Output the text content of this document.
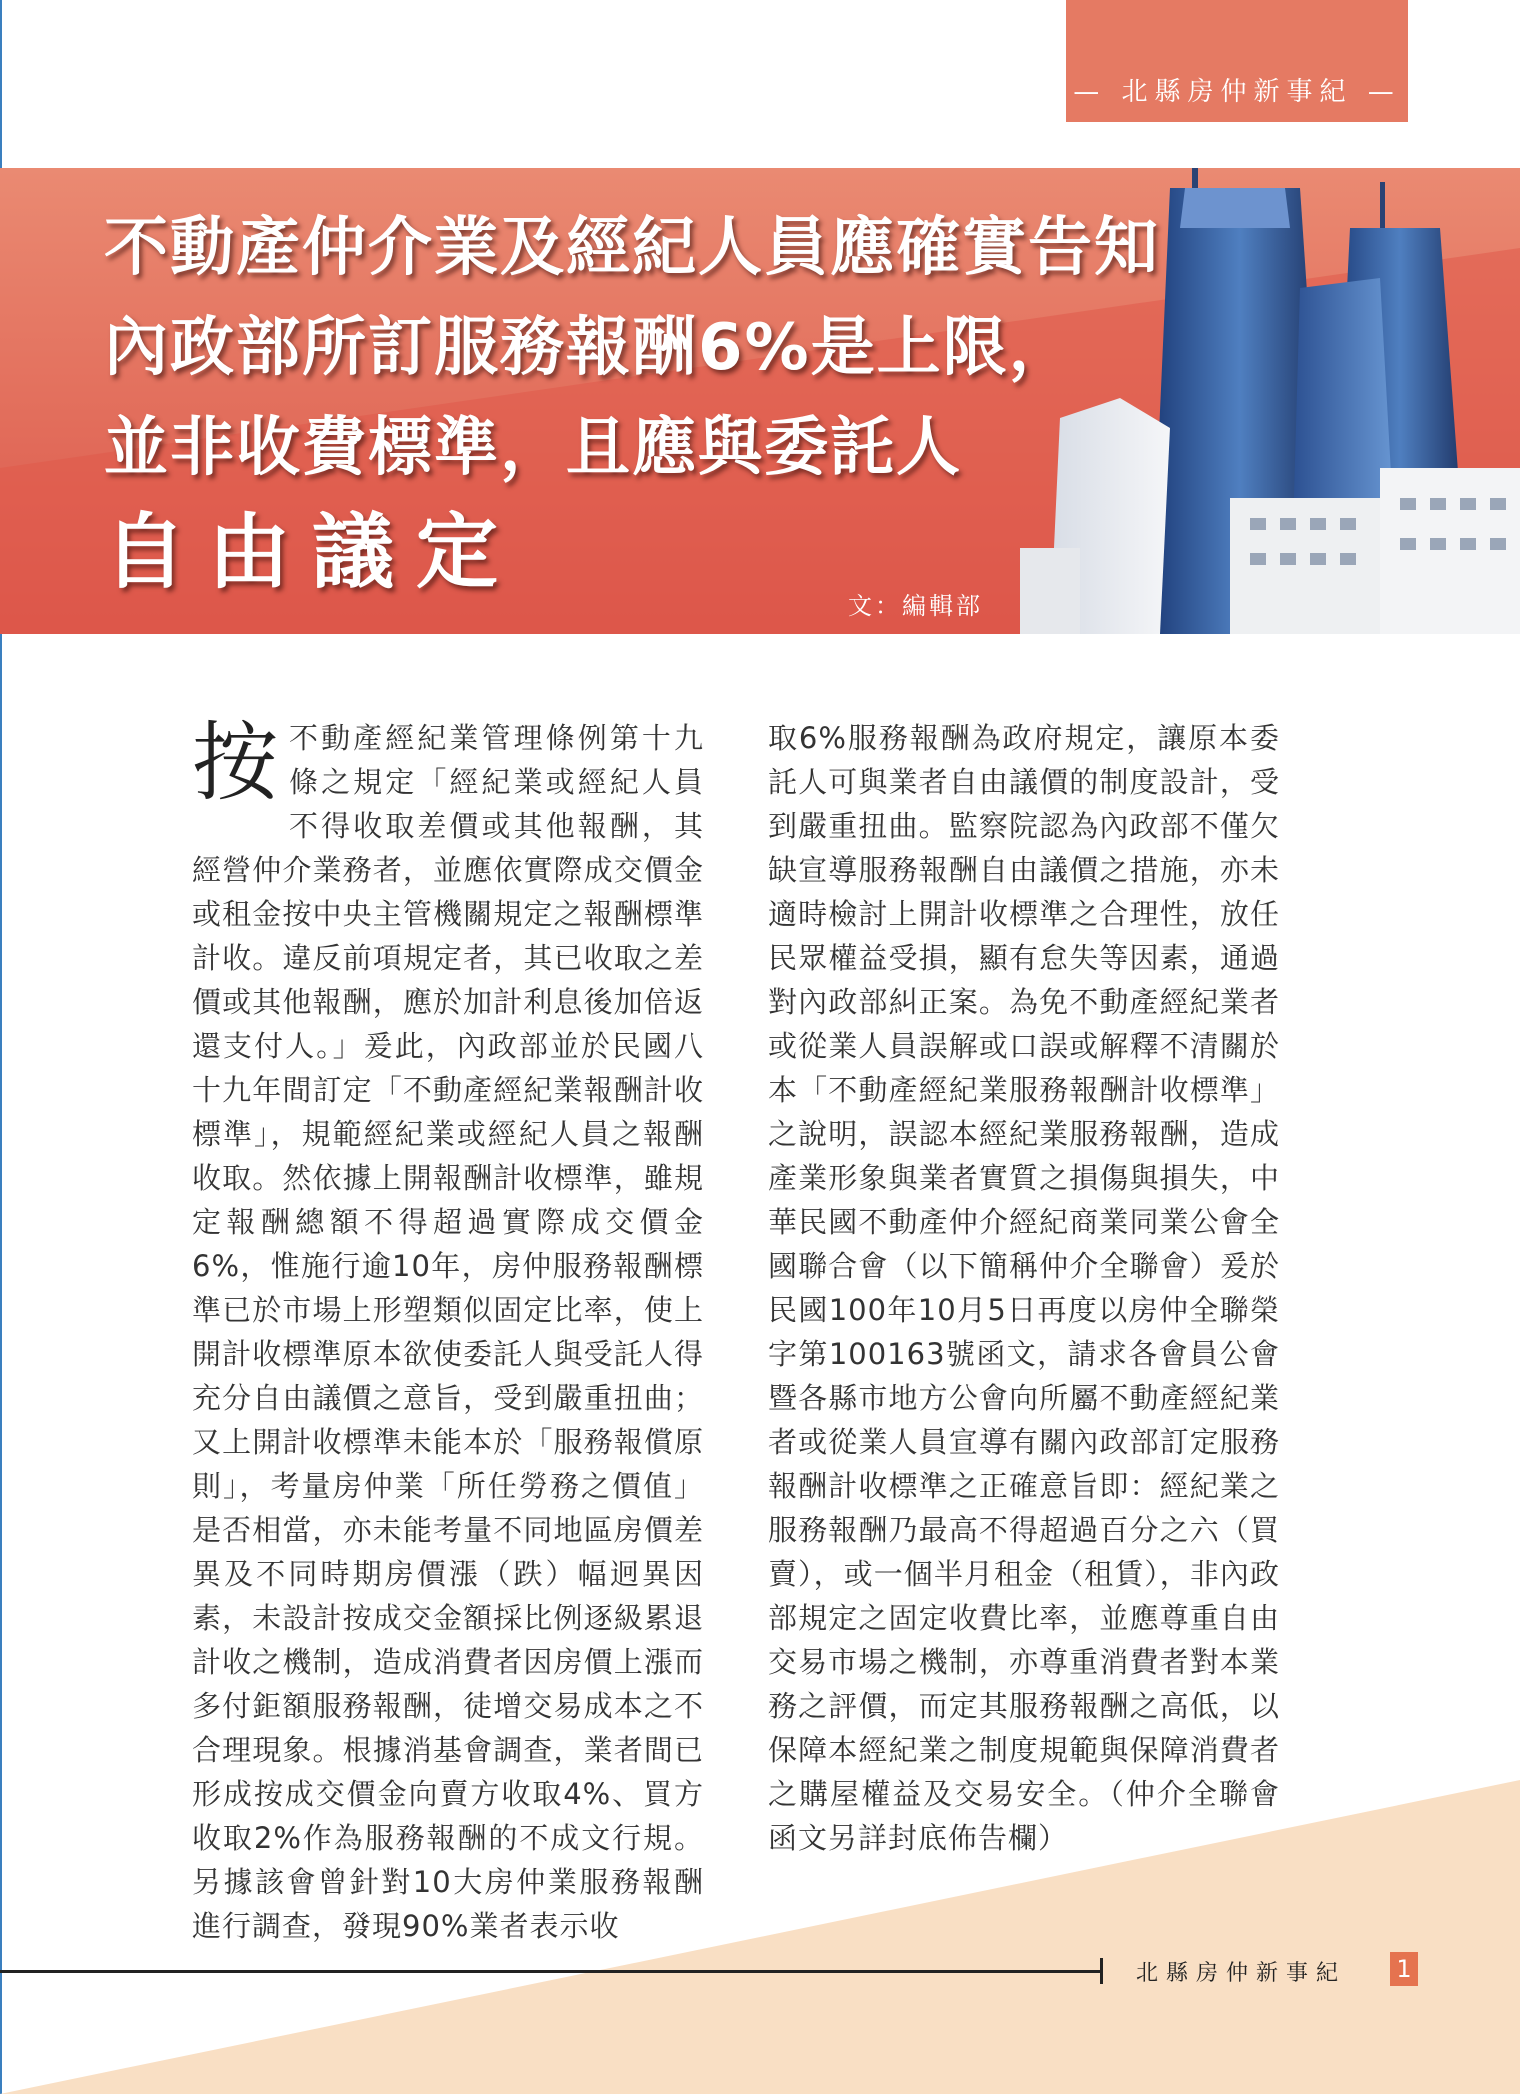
— 北縣房仲新事紀 —
不動產仲介業及經紀人員應確實告知
內政部所訂服務報酬6%是上限，
並非收費標準，且應與委託人
自由議定
文：編輯部
按 不動產經紀業管理條例第十九條之規定「經紀業或經紀人員不得收取差價或其他報酬，其經營仲介業務者，並應依實際成交價金或租金按中央主管機關規定之報酬標準計收。違反前項規定者，其已收取之差價或其他報酬，應於加計利息後加倍返還支付人。」爰此，內政部並於民國八十九年間訂定「不動產經紀業報酬計收標準」，規範經紀業或經紀人員之報酬收取。然依據上開報酬計收標準，雖規定報酬總額不得超過實際成交價金6%，惟施行逾10年，房仲服務報酬標準已於市場上形塑類似固定比率，使上開計收標準原本欲使委託人與受託人得充分自由議價之意旨，受到嚴重扭曲；又上開計收標準未能本於「服務報償原則」，考量房仲業「所任勞務之價值」是否相當，亦未能考量不同地區房價差異及不同時期房價漲（跌）幅迥異因素，未設計按成交金額採比例逐級累退計收之機制，造成消費者因房價上漲而多付鉅額服務報酬，徒增交易成本之不合理現象。根據消基會調查，業者間已形成按成交價金向賣方收取4%、買方收取2%作為服務報酬的不成文行規。另據該會曾針對10大房仲業服務報酬進行調查，發現90%業者表示收
取6%服務報酬為政府規定，讓原本委託人可與業者自由議價的制度設計，受到嚴重扭曲。監察院認為內政部不僅欠缺宣導服務報酬自由議價之措施，亦未適時檢討上開計收標準之合理性，放任民眾權益受損，顯有怠失等因素，通過對內政部糾正案。為免不動產經紀業者或從業人員誤解或口誤或解釋不清關於本「不動產經紀業服務報酬計收標準」之說明，誤認本經紀業服務報酬，造成產業形象與業者實質之損傷與損失，中華民國不動產仲介經紀商業同業公會全國聯合會（以下簡稱仲介全聯會）爰於民國100年10月5日再度以房仲全聯榮字第100163號函文，請求各會員公會暨各縣市地方公會向所屬不動產經紀業者或從業人員宣導有關內政部訂定服務報酬計收標準之正確意旨即：經紀業之服務報酬乃最高不得超過百分之六（買賣），或一個半月租金（租賃），非內政部規定之固定收費比率，並應尊重自由交易市場之機制，亦尊重消費者對本業務之評價，而定其服務報酬之高低，以保障本經紀業之制度規範與保障消費者之購屋權益及交易安全。（仲介全聯會函文另詳封底佈告欄）
北縣房仲新事紀 1
